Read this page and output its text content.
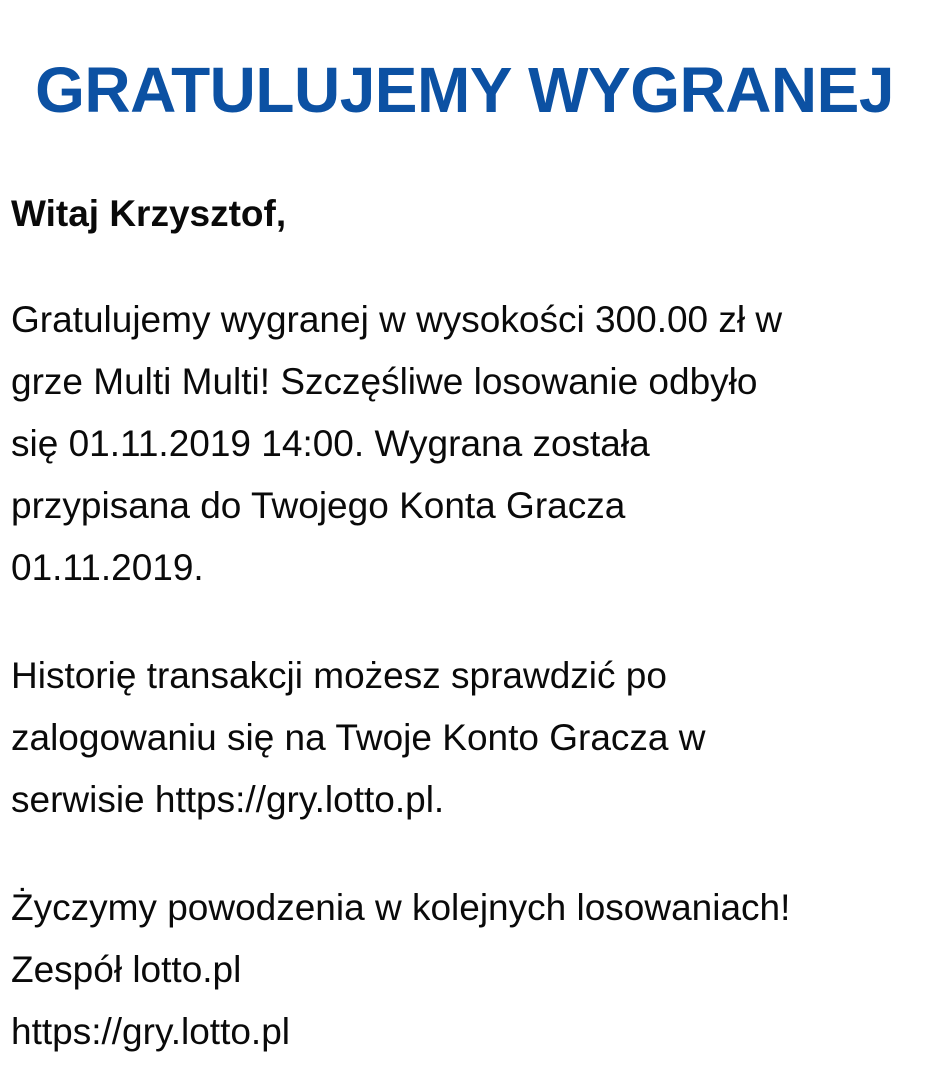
GRATULUJEMY WYGRANEJ
Witaj Krzysztof,
Gratulujemy wygranej w wysokości 300.00 zł w
grze Multi Multi! Szczęśliwe losowanie odbyło
się 01.11.2019 14:00. Wygrana została
przypisana do Twojego Konta Gracza
01.11.2019.
Historię transakcji możesz sprawdzić po
zalogowaniu się na Twoje Konto Gracza w
serwisie https://gry.lotto.pl.
Życzymy powodzenia w kolejnych losowaniach!
Zespół lotto.pl
https://gry.lotto.pl
